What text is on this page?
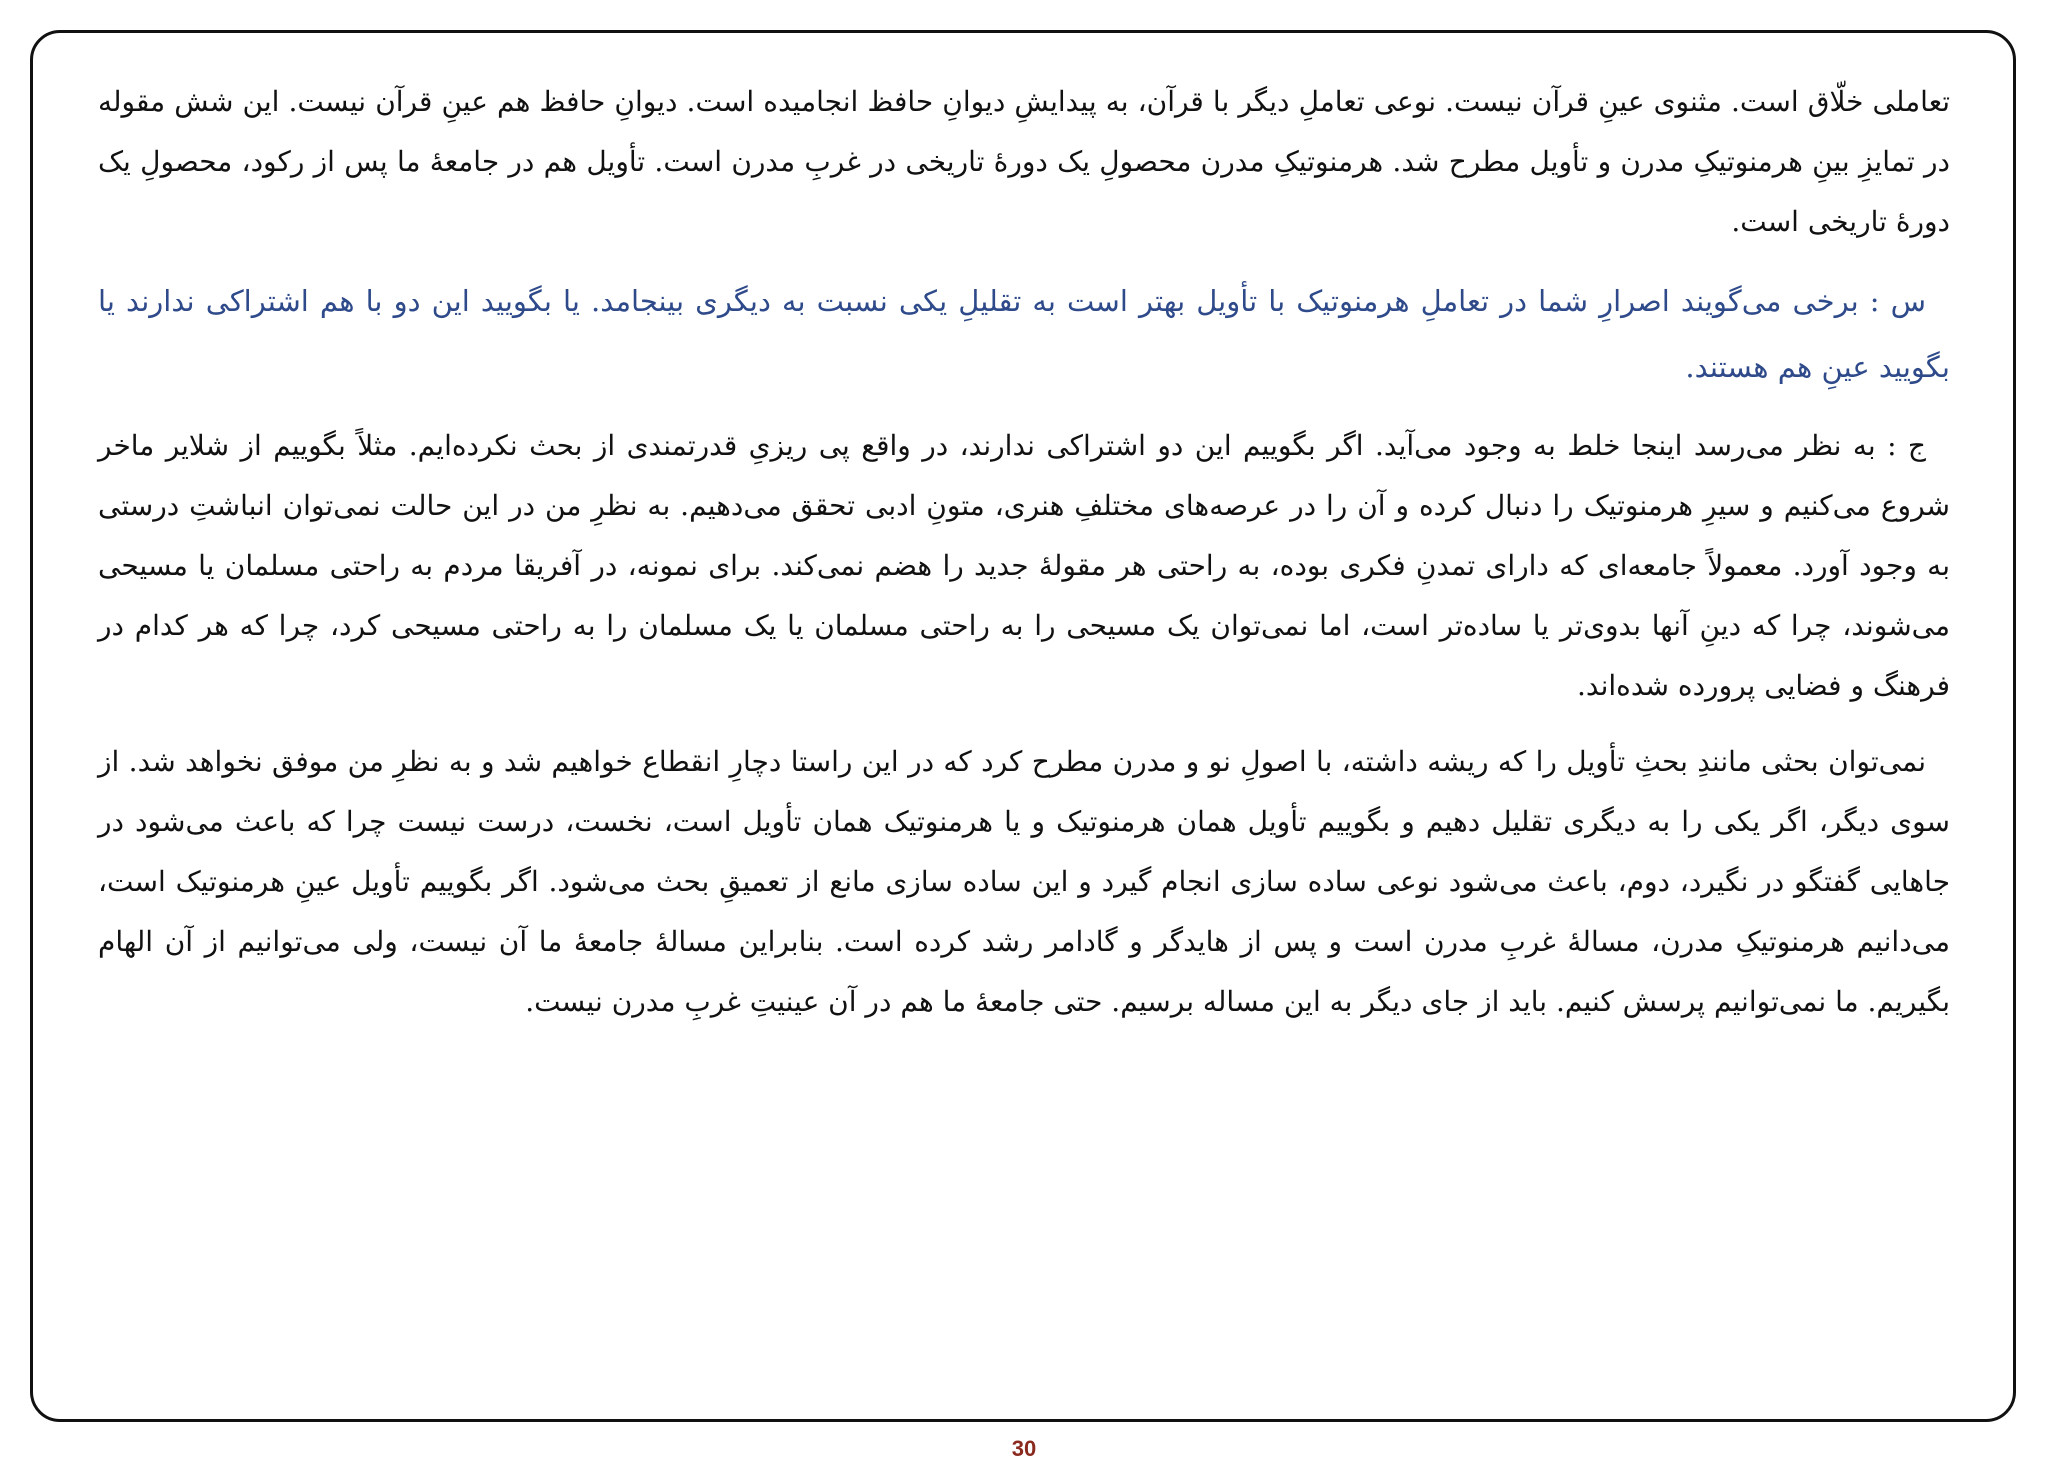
تعاملی خلّاق است. مثنوی عینِ قرآن نیست. نوعی تعاملِ دیگر با قرآن، به پیدایشِ دیوانِ حافظ انجامیده است. دیوانِ حافظ هم عینِ قرآن نیست. این شش مقوله در تمایزِ بینِ هرمنوتیکِ مدرن و تأویل مطرح شد. هرمنوتیکِ مدرن محصولِ یک دورهٔ تاریخی در غربِ مدرن است. تأویل هم در جامعهٔ ما پس از رکود، محصولِ یک دورهٔ تاریخی است.

س : برخی می‌گویند اصرارِ شما در تعاملِ هرمنوتیک با تأویل بهتر است به تقلیلِ یکی نسبت به دیگری بینجامد. یا بگویید این دو با هم اشتراکی ندارند یا بگویید عینِ هم هستند.

ج : به نظر می‌رسد اینجا خلط به وجود می‌آید. اگر بگوییم این دو اشتراکی ندارند، در واقع پی ریزیِ قدرتمندی از بحث نکرده‌ایم. مثلاً بگوییم از شلایر ماخر شروع می‌کنیم و سیرِ هرمنوتیک را دنبال کرده و آن را در عرصه‌های مختلفِ هنری، متونِ ادبی تحقق می‌دهیم. به نظرِ من در این حالت نمی‌توان انباشتِ درستی به وجود آورد. معمولاً جامعه‌ای که دارای تمدنِ فکری بوده، به راحتی هر مقولهٔ جدید را هضم نمی‌کند. برای نمونه، در آفریقا مردم به راحتی مسلمان یا مسیحی می‌شوند، چرا که دینِ آنها بدوی‌تر یا ساده‌تر است، اما نمی‌توان یک مسیحی را به راحتی مسلمان یا یک مسلمان را به راحتی مسیحی کرد، چرا که هر کدام در فرهنگ و فضایی پرورده شده‌اند.

نمی‌توان بحثی مانندِ بحثِ تأویل را که ریشه داشته، با اصولِ نو و مدرن مطرح کرد که در این راستا دچارِ انقطاع خواهیم شد و به نظرِ من موفق نخواهد شد. از سوی دیگر، اگر یکی را به دیگری تقلیل دهیم و بگوییم تأویل همان هرمنوتیک و یا هرمنوتیک همان تأویل است، نخست، درست نیست چرا که باعث می‌شود در جاهایی گفتگو در نگیرد، دوم، باعث می‌شود نوعی ساده سازی انجام گیرد و این ساده سازی مانع از تعمیقِ بحث می‌شود. اگر بگوییم تأویل عینِ هرمنوتیک است، می‌دانیم هرمنوتیکِ مدرن، مسالهٔ غربِ مدرن است و پس از هایدگر و گادامر رشد کرده است. بنابراین مسالهٔ جامعهٔ ما آن نیست، ولی می‌توانیم از آن الهام بگیریم. ما نمی‌توانیم پرسش کنیم. باید از جای دیگر به این مساله برسیم. حتی جامعهٔ ما هم در آن عینیتِ غربِ مدرن نیست.

30
